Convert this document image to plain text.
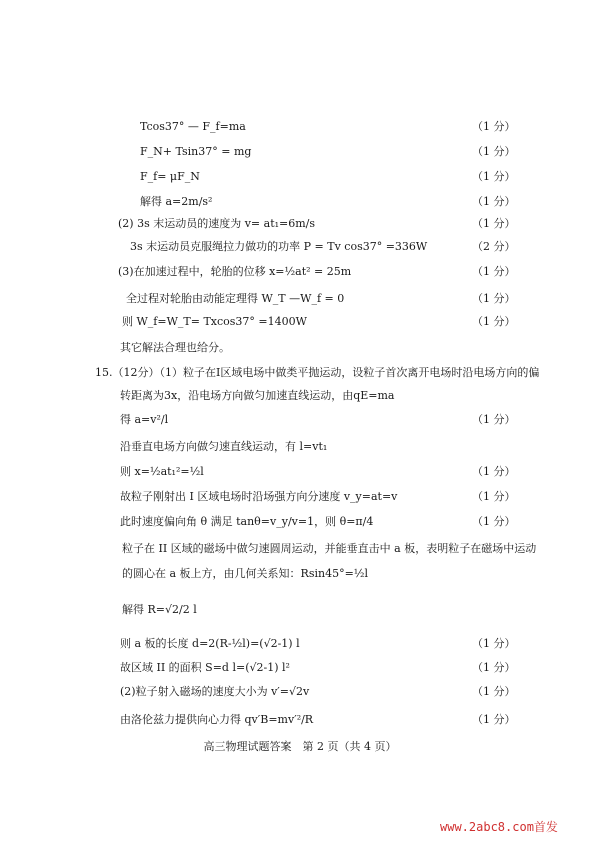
Tcos37° — F_f=ma	（1 分）
F_N+ Tsin37° = mg	（1 分）
F_f= μF_N	（1 分）
解得 a=2m/s²	（1 分）
(2) 3s 末运动员的速度为 v= at₁=6m/s	（1 分）
3s 末运动员克服绳拉力做功的功率 P = Tv cos37° =336W	（2 分）
(3)在加速过程中，轮胎的位移 x=½at² = 25m	（1 分）
全过程对轮胎由动能定理得 W_T —W_f = 0	（1 分）
则 W_f=W_T= Txcos37° =1400W	（1 分）
其它解法合理也给分。
15.（12分）（1）粒子在I区域电场中做类平抛运动，设粒子首次离开电场时沿电场方向的偏
转距离为3x，沿电场方向做匀加速直线运动，由qE=ma
得 a=v²/l	（1 分）
沿垂直电场方向做匀速直线运动，有 l=vt₁
则 x=½at₁²=½l	（1 分）
故粒子刚射出 I 区域电场时沿场强方向分速度 v_y=at=v	（1 分）
此时速度偏向角 θ 满足 tanθ=v_y/v=1，则 θ=π/4	（1 分）
粒子在 II 区域的磁场中做匀速圆周运动，并能垂直击中 a 板，表明粒子在磁场中运动
的圆心在 a 板上方，由几何关系知：Rsin45°=½l
解得 R=√2/2 l
则 a 板的长度 d=2(R-½l)=(√2-1) l	（1 分）
故区域 II 的面积 S=d l=(√2-1) l²	（1 分）
(2)粒子射入磁场的速度大小为 v′=√2v	（1 分）
由洛伦兹力提供向心力得 qv′B=mv′²/R	（1 分）
高三物理试题答案　第 2 页（共 4 页）
www.2abc8.com首发
